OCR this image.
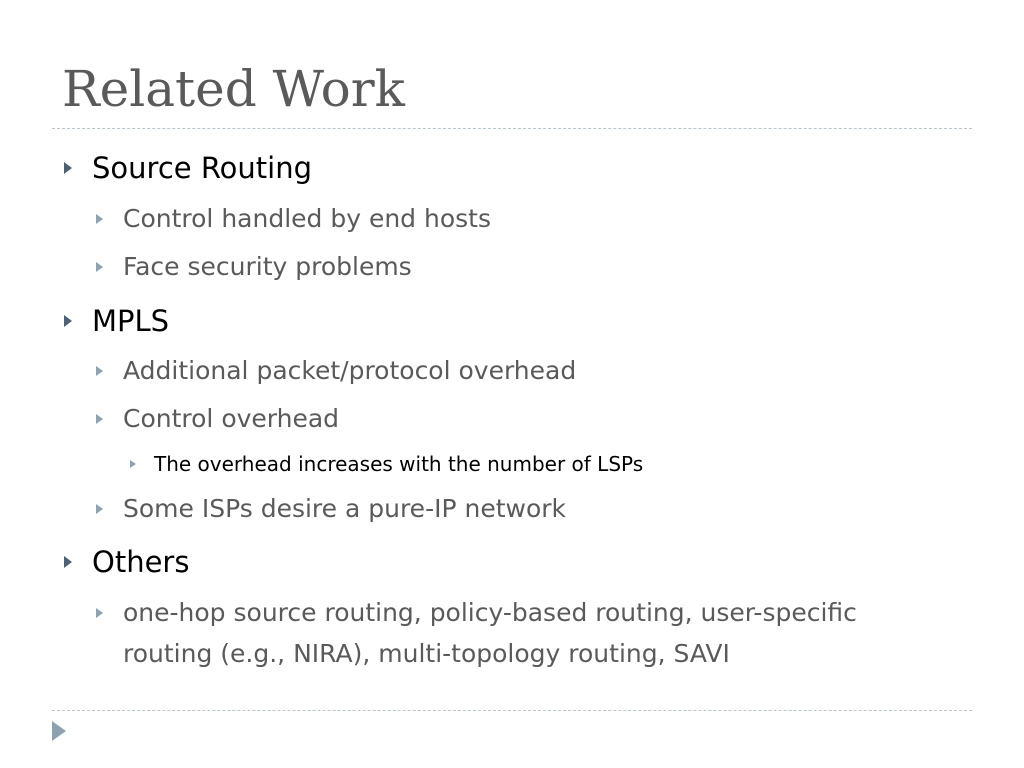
Related Work
Source Routing
Control handled by end hosts
Face security problems
MPLS
Additional packet/protocol overhead
Control overhead
The overhead increases with the number of LSPs
Some ISPs desire a pure-IP network
Others
one-hop source routing, policy-based routing, user-specific
routing (e.g., NIRA), multi-topology routing, SAVI
